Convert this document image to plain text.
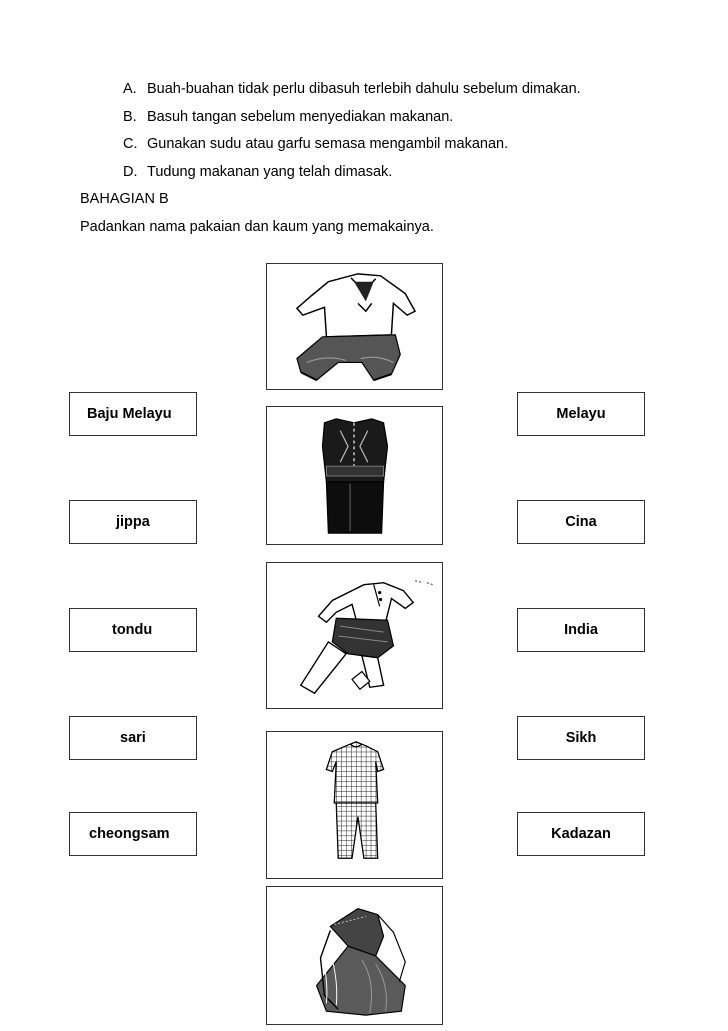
A. Buah-buahan tidak perlu dibasuh terlebih dahulu sebelum dimakan.
B. Basuh tangan sebelum menyediakan makanan.
C. Gunakan sudu atau garfu semasa mengambil makanan.
D. Tudung makanan yang telah dimasak.
BAHAGIAN B
Padankan nama pakaian dan kaum yang memakainya.
Baju Melayu
jippa
tondu
sari
cheongsam
Melayu
Cina
India
Sikh
Kadazan
